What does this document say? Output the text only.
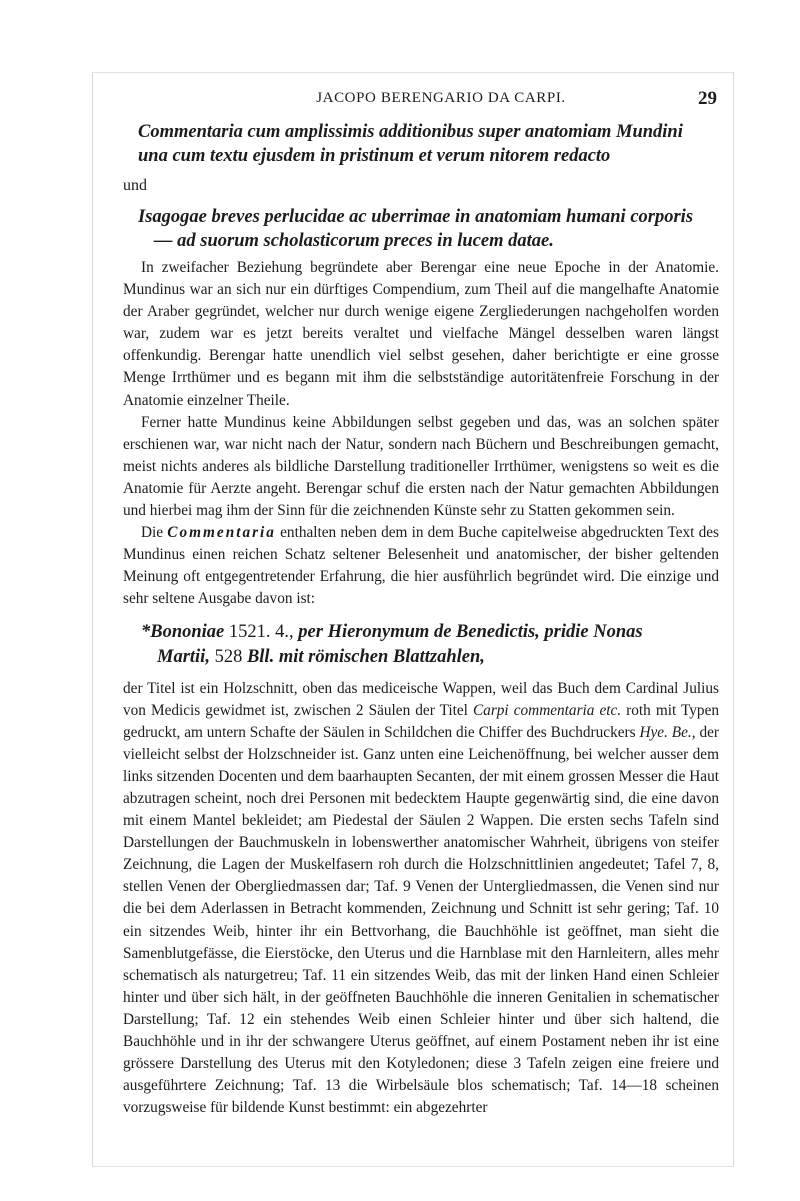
JACOPO BERENGARIO DA CARPI.	29
Commentaria cum amplissimis additionibus super anatomiam Mundini
una cum textu ejusdem in pristinum et verum nitorem redacto
und
Isagogae breves perlucidae ac uberrimae in anatomiam humani corporis
— ad suorum scholasticorum preces in lucem datae.

In zweifacher Beziehung begründete aber Berengar eine neue Epoche in der Anatomie. Mundinus war an sich nur ein dürftiges Compendium, zum Theil auf die mangelhafte Anatomie der Araber gegründet, welcher nur durch wenige eigene Zergliederungen nachgeholfen worden war, zudem war es jetzt bereits veraltet und vielfache Mängel desselben waren längst offenkundig. Berengar hatte unendlich viel selbst gesehen, daher berichtigte er eine grosse Menge Irrthümer und es begann mit ihm die selbstständige autoritätenfreie Forschung in der Anatomie einzelner Theile.

Ferner hatte Mundinus keine Abbildungen selbst gegeben und das, was an solchen später erschienen war, war nicht nach der Natur, sondern nach Büchern und Beschreibungen gemacht, meist nichts anderes als bildliche Darstellung traditioneller Irrthümer, wenigstens so weit es die Anatomie für Aerzte angeht. Berengar schuf die ersten nach der Natur gemachten Abbildungen und hierbei mag ihm der Sinn für die zeichnenden Künste sehr zu Statten gekommen sein.

Die Commentaria enthalten neben dem in dem Buche capitelweise abgedruckten Text des Mundinus einen reichen Schatz seltener Belesenheit und anatomischer, der bisher geltenden Meinung oft entgegentretender Erfahrung, die hier ausführlich begründet wird. Die einzige und sehr seltene Ausgabe davon ist:

*Bononiae 1521. 4., per Hieronymum de Benedictis, pridie Nonas
Martii, 528 Bll. mit römischen Blattzahlen,

der Titel ist ein Holzschnitt, oben das mediceische Wappen, weil das Buch dem Cardinal Julius von Medicis gewidmet ist, zwischen 2 Säulen der Titel Carpi commentaria etc. roth mit Typen gedruckt, am untern Schafte der Säulen in Schildchen die Chiffer des Buchdruckers Hye. Be., der vielleicht selbst der Holzschneider ist. Ganz unten eine Leichenöffnung, bei welcher ausser dem links sitzenden Docenten und dem baarhaupten Secanten, der mit einem grossen Messer die Haut abzutragen scheint, noch drei Personen mit bedecktem Haupte gegenwärtig sind, die eine davon mit einem Mantel bekleidet; am Piedestal der Säulen 2 Wappen. Die ersten sechs Tafeln sind Darstellungen der Bauchmuskeln in lobenswerther anatomischer Wahrheit, übrigens von steifer Zeichnung, die Lagen der Muskelfasern roh durch die Holzschnittlinien angedeutet; Tafel 7, 8, stellen Venen der Obergliedmassen dar; Taf. 9 Venen der Untergliedmassen, die Venen sind nur die bei dem Aderlassen in Betracht kommenden, Zeichnung und Schnitt ist sehr gering; Taf. 10 ein sitzendes Weib, hinter ihr ein Bettvorhang, die Bauchhöhle ist geöffnet, man sieht die Samenblutgefässe, die Eierstöcke, den Uterus und die Harnblase mit den Harnleitern, alles mehr schematisch als naturgetreu; Taf. 11 ein sitzendes Weib, das mit der linken Hand einen Schleier hinter und über sich hält, in der geöffneten Bauchhöhle die inneren Genitalien in schematischer Darstellung; Taf. 12 ein stehendes Weib einen Schleier hinter und über sich haltend, die Bauchhöhle und in ihr der schwangere Uterus geöffnet, auf einem Postament neben ihr ist eine grössere Darstellung des Uterus mit den Kotyledonen; diese 3 Tafeln zeigen eine freiere und ausgeführtere Zeichnung; Taf. 13 die Wirbelsäule blos schematisch; Taf. 14—18 scheinen vorzugsweise für bildende Kunst bestimmt: ein abgezehrter
